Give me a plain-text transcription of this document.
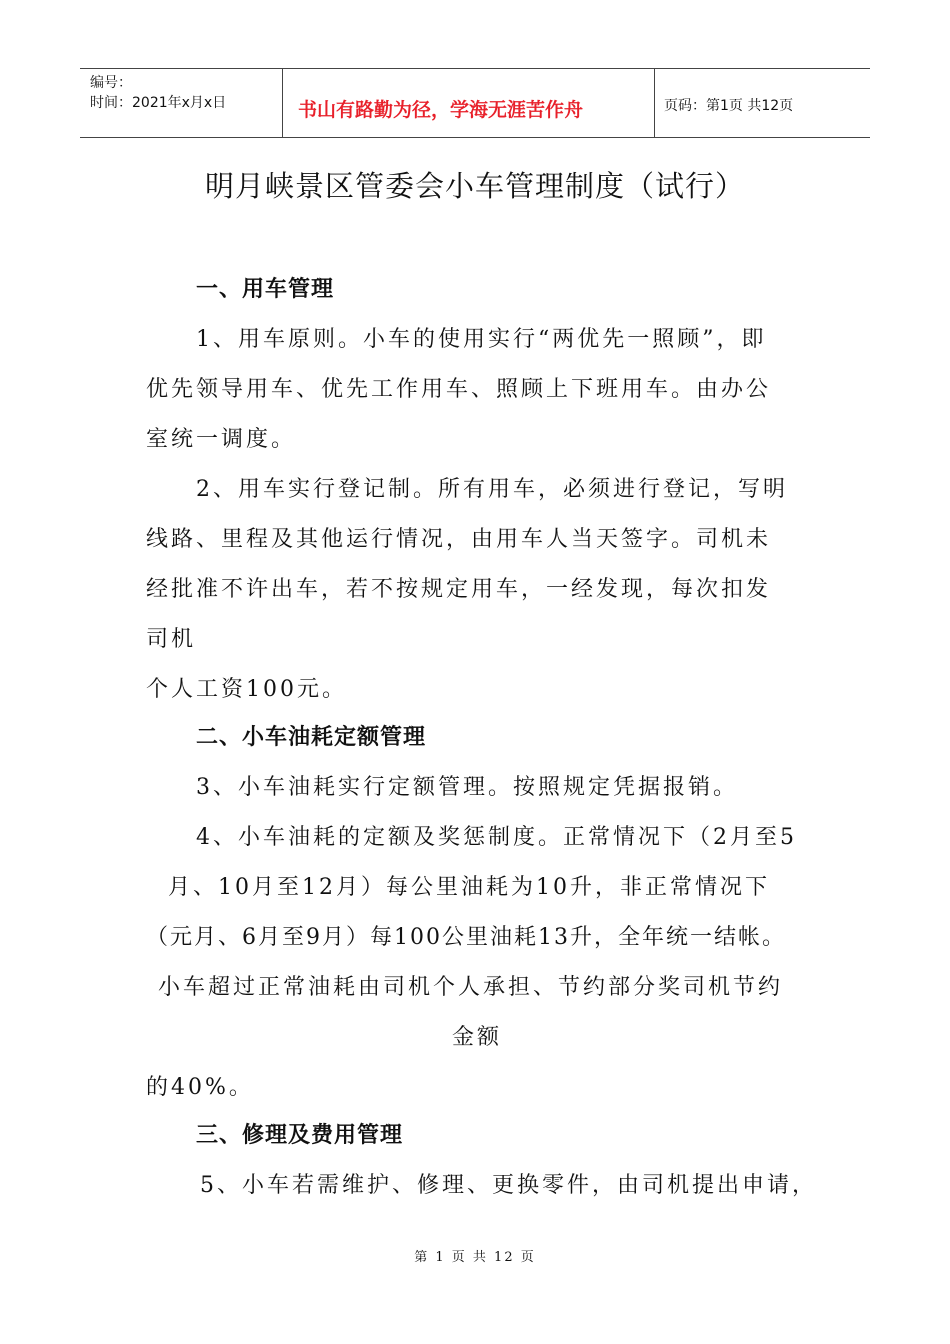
编号：
时间：2021年x月x日	书山有路勤为径，学海无涯苦作舟	页码：第1页 共12页
明月峡景区管委会小车管理制度（试行）
一、用车管理
1、用车原则。小车的使用实行“两优先一照顾”，即
优先领导用车、优先工作用车、照顾上下班用车。由办公
室统一调度。
2、用车实行登记制。所有用车，必须进行登记，写明
线路、里程及其他运行情况，由用车人当天签字。司机未
经批准不许出车，若不按规定用车，一经发现，每次扣发
司机
个人工资100元。
二、小车油耗定额管理
3、小车油耗实行定额管理。按照规定凭据报销。
4、小车油耗的定额及奖惩制度。正常情况下（2月至5
月、10月至12月）每公里油耗为10升，非正常情况下
（元月、6月至9月）每100公里油耗13升，全年统一结帐。
小车超过正常油耗由司机个人承担、节约部分奖司机节约
金额
的40%。
三、修理及费用管理
5、小车若需维护、修理、更换零件，由司机提出申请，
第 1 页 共 12 页
